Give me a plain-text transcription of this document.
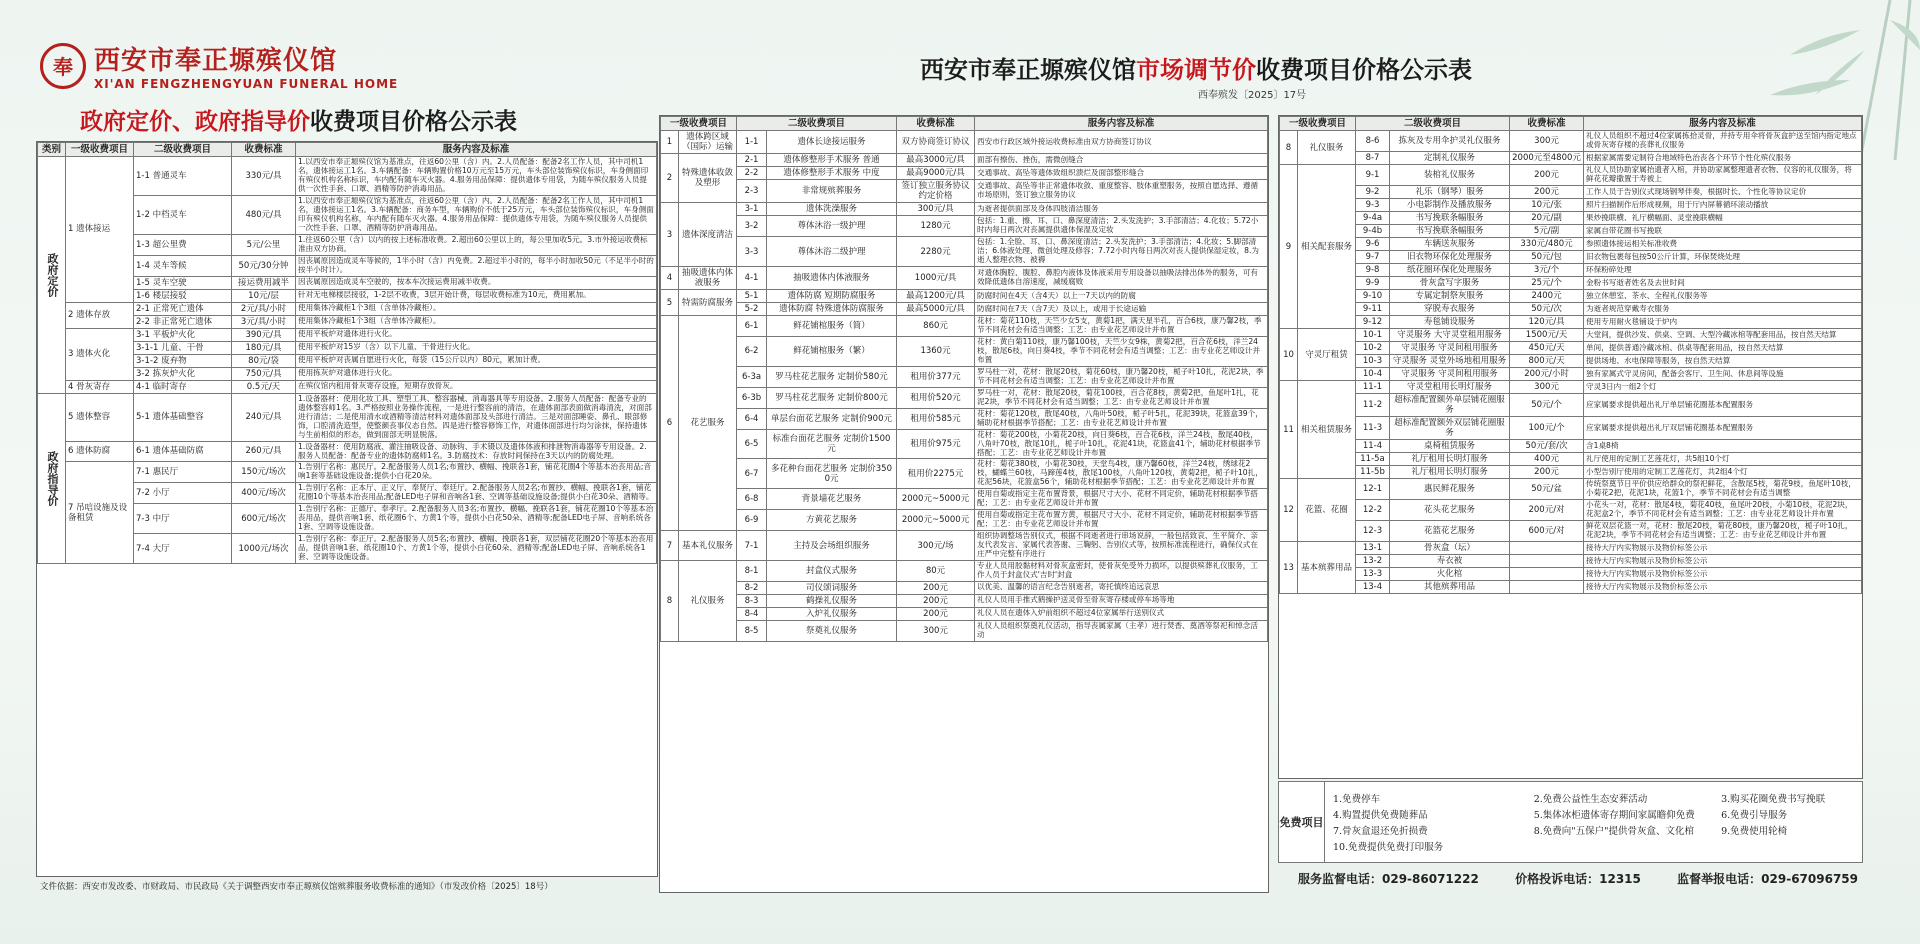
奉 西安市奉正塬殡仪馆
XI'AN FENGZHENGYUAN FUNERAL HOME
政府定价、政府指导价收费项目价格公示表
西安市奉正塬殡仪馆市场调节价收费项目价格公示表
西奉殡发〔2025〕17号
类别	一级收费项目	二级收费项目	收费标准	服务内容及标准
政府定价	1 遗体接运	1-1 普通灵车	330元/具	1.以西安市奉正塬殡仪馆为基准点，往返60公里（含）内。2.人员配备：配备2名工作人员，其中司机1名，遗体接运工1名。3.车辆配备：车辆购置价格10万元至15万元，车头部位装饰殡仪标识，车身侧面印有殡仪机构名称标识，车内配有随车灭火器。4.服务用品保障：提供遗体专用袋，为随车殡仪服务人员提供一次性手套、口罩、酒精等防护消毒用品。
		1-2 中档灵车	480元/具	1.以西安市奉正塬殡仪馆为基准点，往返60公里（含）内。2.人员配备：配备2名工作人员，其中司机1名，遗体接运工1名。3.车辆配备：商务车型，车辆购价不低于25万元，车头部位装饰殡仪标识，车身侧面印有殡仪机构名称，车内配有随车灭火器。4.服务用品保障：提供遗体专用袋，为随车殡仪服务人员提供一次性手套、口罩、酒精等防护消毒用品。
		1-3 超公里费	5元/公里	1.往返60公里（含）以内的按上述标准收费。2.超出60公里以上的，每公里加收5元。3.市外接运收费标准由双方协商。
		1-4 灵车等候	50元/30分钟	因丧属原因造成灵车等候的，1半小时（含）内免费。2.超过半小时的，每半小时加收50元（不足半小时的按半小时计）。
		1-5 灵车空驶	接运费用减半	因丧属原因造成灵车空驶的，按本车次接运费用减半收费。
		1-6 楼层接驳	10元/层	针对无电梯楼层接驳，1-2层不收费，3层开始计费，每层收费标准为10元，费用累加。
	2 遗体存放	2-1 正常死亡遗体	2元/具/小时	使用集体冷藏柜1个3组（含单体冷藏柜）。
		2-2 非正常死亡遗体	3元/具/小时	使用集体冷藏柜1个3组（含单体冷藏柜）。
	3 遗体火化	3-1 平板炉火化	390元/具	使用平板炉对遗体进行火化。
		3-1-1 儿童、干骨	180元/具	使用平板炉对15岁（含）以下儿童、干骨进行火化。
		3-1-2 废弃物	80元/袋	使用平板炉对丧属自愿进行火化，每袋（15公斤以内）80元，累加计费。
		3-2 拣灰炉火化	750元/具	使用拣灰炉对遗体进行火化。
	4 骨灰寄存	4-1 临时寄存	0.5元/天	在殡仪馆内租用骨灰寄存设施，短期存放骨灰。
政府指导价	5 遗体整容	5-1 遗体基础整容	240元/具	1.设备器材：使用化妆工具、塑型工具、整容器械、消毒器具等专用设备。2.服务人员配备：配备专业的遗体整容师1名。3.严格按照业务操作流程，一是进行整容前的清洁，在遗体面部表面做消毒清洗，对面部进行清洁；二是使用清水或酒精等清洁材料对遗体面部及头部进行清洁。三是对面部睡姿、鼻孔、眼部修饰，口腔清洗造型，使整颜丧事仪态自然。四是进行整容修饰工作，对遗体面部进行均匀涂抹，保持遗体与生前相似的形态，做到面部无明显脱落。
	6 遗体防腐	6-1 遗体基础防腐	260元/具	1.设备器材：使用防腐液、灌注抽吸设备、动脉钩、手术镊以及遗体体液和排泄物消毒器等专用设备。2.服务人员配备：配备专业的遗体防腐师1名。3.防腐技术：存放时间保持在3天以内的防腐处理。
	7 吊唁设施及设备租赁	7-1 惠民厅	150元/场次	1.告别厅名称：惠民厅。2.配备服务人员1名;布置抄、横幅、挽联各1套，铺花花圈4个等基本治丧用品;音响1套等基础设施设备;提供小白花20朵。
		7-2 小厅	400元/场次	1.告别厅名称：正本厅、正义厅、奉贤厅、奉廷厅。2.配备服务人员2名;布置抄、横幅、挽联各1套，铺花花圈10个等基本治丧用品;配备LED电子屏和音响各1套、空调等基础设施设备;提供小白花30朵、酒精等。
		7-3 中厅	600元/场次	1.告别厅名称：正德厅、奉孝厅。2.配备服务人员3名;布置抄、横幅、挽联各1套，铺花花圈10个等基本治丧用品，提供音响1套、纸花圈6个、方黄1个等，提供小白花50朵、酒精等;配备LED电子屏、音响系统各1套、空调等设施设备。
		7-4 大厅	1000元/场次	1.告别厅名称：奉正厅。2.配备服务人员5名;布置抄、横幅、挽联各1套，双层铺花花圈20个等基本治丧用品，提供音响1套、纸花圈10个、方黄1个等，提供小白花60朵、酒精等;配备LED电子屏、音响系统各1套、空调等设施设备。
文件依据：西安市发改委、市财政局、市民政局《关于调整西安市奉正塬殡仪馆殡葬服务收费标准的通知》（市发改价格〔2025〕18号）
一级收费项目		二级收费项目		收费标准	服务内容及标准
1	遗体跨区域（国际）运输	1-1	遗体长途接运服务	双方协商签订协议	西安市行政区域外接运收费标准由双方协商签订协议
2	特殊遗体收敛及塑形	2-1	遗体修整形手术服务 普通	最高3000元/具	面部有擦伤、挫伤，需微创缝合
		2-2	遗体修整形手术服务 中度	最高9000元/具	交通事故、高坠等遗体致组织溃烂及面部整形缝合
		2-3	非常规殡葬服务	签订独立服务协议约定价格	交通事故、高坠等非正常遗体收敛、重度整容、肢体重塑服务，按照自愿选择、遵循市场原则，签订独立服务协议
3	遗体深度清洁	3-1	遗体洗澡服务	300元/具	为逝者提供面部及身体四肢清洁服务
		3-2	尊体沐浴一级护理	1280元	包括：1.重、擦、耳、口、鼻深度清洁；2.头发洗护；3.手部清洁；4.化妆；5.72小时内每日两次对丧属提供遗体保湿及定妆
		3-3	尊体沐浴二级护理	2280元	包括：1.全脸、耳、口、鼻深度清洁；2.头发洗护；3.手部清洁；4.化妆；5.脚部清洁；6.体液处理、微创处理及修容；7.72小时内每日两次对丧人提供保湿定妆，8.为逝人整理衣物、被褥
4	抽吸遗体内体液服务	4-1	抽吸遗体内体液服务	1000元/具	对遗体胸腔、腹腔、鼻腔内液体及体液采用专用设备以抽吸法排出体外的服务，可有效降低遗体自溶速度，减缓腐败
5	特需防腐服务	5-1	遗体防腐 短期防腐服务	最高1200元/具	防腐时间在4天（含4天）以上一7天以内的防腐
		5-2	遗体防腐 特殊遗体防腐服务	最高5000元/具	防腐时间在7天（含7天）及以上，或用于长途运输
6	花艺服务	6-1	鲜花铺棺服务（简）	860元	花材：菊花110枝，天竺少女5支，黄菊1把，满天星半孔，百合6枝，康乃馨2枝，季节不同花材会有适当调整；工艺：由专业花艺师设计并布置
		6-2	鲜花铺棺服务（繁）	1360元	花材：黄白菊110枝，康乃馨100枝，天竺少女9株，黄菊2把，百合花6枝，洋兰24枝，散尾6枝，向日葵4枝，季节不同花材会有适当调整；工艺：由专业花艺师设计并布置
		6-3a	罗马柱花艺服务 定制价580元	租用价377元	罗马柱一对，花材：散尾20枝，菊花60枝，康乃馨20枝，栀子叶10扎，花泥2块，季节不同花材会有适当调整；工艺：由专业花艺师设计并布置
		6-3b	罗马柱花艺服务 定制价800元	租用价520元	罗马柱一对，花材：散尾20枝，菊花100枝，百合花8枝，黄菊2把，鱼尾叶1扎，花泥2块，季节不同花材会有适当调整；工艺：由专业花艺师设计并布置
		6-4	单层台面花艺服务 定制价900元	租用价585元	花材：菊花120枝，散尾40枝，八角叶50枝，栀子叶5扎，花泥39块，花篮盒39个，辅助花材根据季节搭配；工艺：由专业花艺师设计并布置
		6-5	标准台面花艺服务 定制价1500元	租用价975元	花材：菊花200枝，小菊花20枝，向日葵6枝，百合花6枝，洋兰24枝，散尾40枝，八角叶70枝，散尾10扎，栀子叶10扎，花泥41块，花篮盒41个，辅助花材根据季节搭配；工艺：由专业花艺师设计并布置
		6-7	多花种台面花艺服务 定制价3500元	租用价2275元	花材：菊花380枝，小菊花30枝，天堂鸟4枝，康乃馨60枝，洋兰24枝，绣球花2枝，蝴蝶兰60枝，马蹄莲4枝，散尾100枝，八角叶120枝，黄菊2把，栀子叶10扎，花泥56块，花篮盒56个，辅助花材根据季节搭配；工艺：由专业花艺师设计并布置
		6-8	背景墙花艺服务	2000元~5000元	使用自菊或指定主花布置背景，根据尺寸大小、花材不同定价，辅助花材根据季节搭配；工艺：由专业花艺师设计并布置
		6-9	方黄花艺服务	2000元~5000元	使用自菊或指定主花布置方黄，根据尺寸大小、花材不同定价，辅助花材根据季节搭配；工艺：由专业花艺师设计并布置
7	基本礼仪服务	7-1	主持及会场组织服务	300元/场	组织协调整场告别仪式，根据不同逝者进行串场说辞，一般包括致哀、生平简介、亲友代表发言、家属代表答谢、三鞠躬、告别仪式等，按照标准流程进行，确保仪式在庄严中完整有序进行
8	礼仪服务	8-1	封盒仪式服务	80元	专业人员用胶黏材料对骨灰盒密封，使骨灰免受外力损坏，以提供殡葬礼仪服务，工作人员于封盒仪式'吉时'封盒
		8-2	司仪颂词服务	200元	以优美、温馨的语言纪念告别逝者，寄托慎终追远哀思
		8-3	鹤操礼仪服务	200元	礼仪人员用手推式鹤操护送灵骨至骨灰寄存楼或停车场等地
		8-4	入炉礼仪服务	200元	礼仪人员在遗体入炉前组织不超过4位家属举行送别仪式
		8-5	祭奠礼仪服务	300元	礼仪人员组织祭奠礼仪活动，指导丧属家属（主孝）进行焚香、奠酒等祭祀和悼念活动
一级收费项目		二级收费项目		收费标准	服务内容及标准
8	礼仪服务	8-6	拣灰及专用伞护灵礼仪服务	300元	礼仪人员组织不超过4位家属拣拾灵骨，并持专用伞将骨灰盒护送至馆内指定地点或骨灰寄存楼的丧葬礼仪服务
		8-7	定制礼仪服务	2000元至4800元	根据家属需要定制符合地域特色治丧各个环节个性化殡仪服务
9	相关配套服务	9-1	装棺礼仪服务	200元	礼仪人员协助家属抬遗者入棺，并协助家属整理遗者衣物、仪容的礼仪服务，将鲜花花瓣撒置于寿被上
		9-2	礼乐（钢琴）服务	200元	工作人员于告别仪式现场钢琴伴奏，根据时长、个性化等协议定价
		9-3	小电影制作及播放服务	10元/张	照片扫描制作后形成视频，用于厅内屏幕循环滚动播放
		9-4a	书写挽联条幅服务	20元/副	果炒挽联横、礼厅横幅面、灵堂挽联横幅
		9-4b	书写挽联条幅服务	5元/副	家属自带花圈书写挽联
		9-6	车辆送灰服务	330元/480元	参照遗体接运相关标准收费
		9-7	旧衣物环保化处理服务	50元/包	旧衣物包裹每包按50公斤计算，环保焚烧处理
		9-8	纸花圈环保化处理服务	3元/个	环保粉碎处理
		9-9	骨灰盒写字服务	25元/个	金粉书写逝者姓名及去世时间
		9-10	专属定制祭灰服务	2400元	独立休憩室、茶水、全程礼仪服务等
		9-11	穿脱寿衣服务	50元/次	为逝者规范穿戴寿衣服务
		9-12	寿毯铺设服务	120元/具	使用专用耐火毯铺设于炉内
10	守灵厅租赁	10-1	守灵服务 大守灵堂租用服务	1500元/天	大堂间，提供沙发、供桌、空调、大型冷藏冰棺等配套用品，按自然天结算
		10-2	守灵服务 守灵间租用服务	450元/天	单间，提供普通冷藏冰棺、供桌等配套用品，按自然天结算
		10-3	守灵服务 灵堂外场地租用服务	800元/天	提供场地、水电保障等服务，按自然天结算
		10-4	守灵服务 守灵间租用服务	200元/小时	独有家属式守灵房间，配备会客厅、卫生间、休息间等设施
11	相关租赁服务	11-1	守灵堂租用长明灯服务	300元	守灵3日内一组2个灯
		11-2	超标准配置额外单层铺花圈服务	50元/个	应家属要求提供超出礼厅单层铺花圈基本配置服务
		11-3	超标准配置额外双层铺花圈服务	100元/个	应家属要求提供超出礼厅双层铺花圈基本配置服务
		11-4	桌椅租赁服务	50元/套/次	含1桌8椅
		11-5a	礼厅租用长明灯服务	400元	礼厅使用的定制工艺莲花灯，共5组10个灯
		11-5b	礼厅租用长明灯服务	200元	小型告别厅使用的定制工艺莲花灯，共2组4个灯
12	花篮、花圈	12-1	惠民鲜花服务	50元/盆	传统祭奠节日平价供应给群众的祭祀鲜花，含散尾5枝，菊花9枝，鱼尾叶10枝，小菊花2把，花泥1块，花篮1个，季节不同花材会有适当调整
		12-2	花头花艺服务	200元/对	小花头一对，花材：散尾4枝，菊花40枝，鱼尾叶20枝，小菊10枝，花泥2块，花泥盒2个，季节不同花材会有适当调整；工艺：由专业花艺师设计并布置
		12-3	花篮花艺服务	600元/对	鲜花双层花篮一对，花材：散尾20枝，菊花80枝，康乃馨20枝，栀子叶10扎，花泥2块，季节不同花材会有适当调整；工艺：由专业花艺师设计并布置
13	基本殡葬用品	13-1	骨灰盒（坛）		接待大厅内实物展示及物价标签公示
		13-2	寿衣被		接待大厅内实物展示及物价标签公示
		13-3	火化棺		接待大厅内实物展示及物价标签公示
		13-4	其他殡葬用品		接待大厅内实物展示及物价标签公示
免费项目
1.免费停车	2.免费公益性生态安葬活动	3.购买花圈免费书写挽联
4.购置提供免费随葬品	5.集体冰柜遗体寄存期间家属瞻仰免费	6.免费引导服务
7.骨灰盒退还免折损费	8.免费向"五保户"提供骨灰盒、文化棺	9.免费使用轮椅
10.免费提供免费打印服务
服务监督电话：029-86071222	价格投诉电话：12315	监督举报电话：029-67096759
